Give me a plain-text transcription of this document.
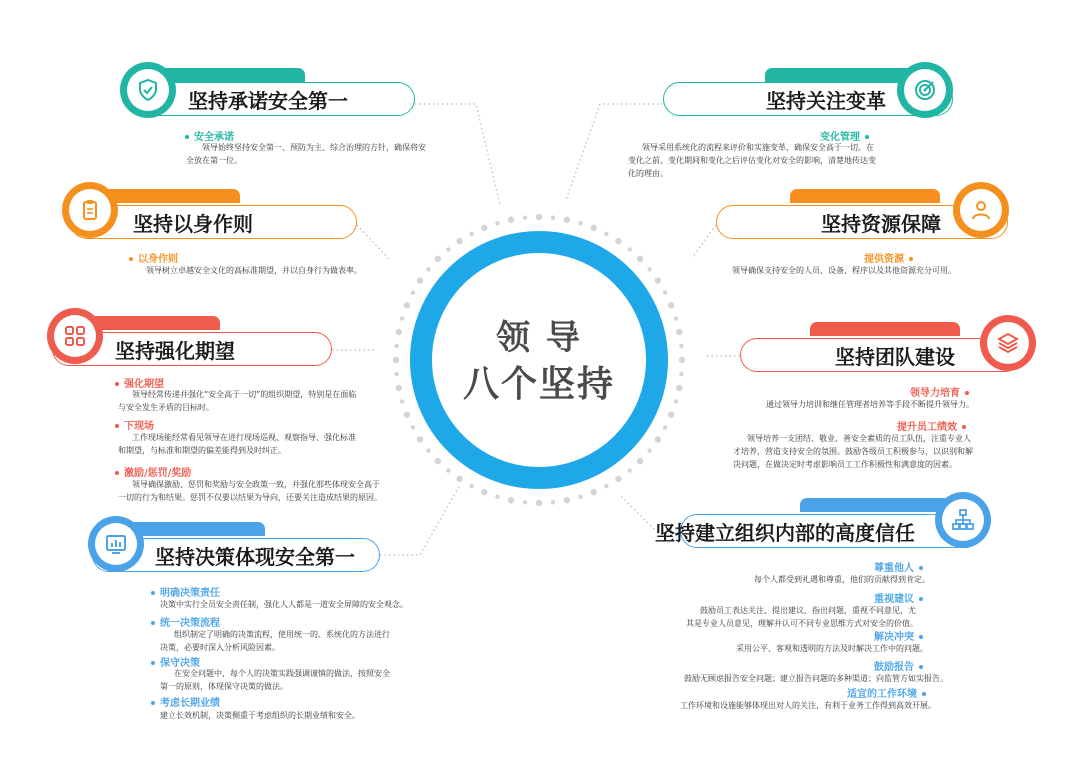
领 导
八个坚持
坚持承诺安全第一
安全承诺
领导始终坚持安全第一、预防为主、综合治理的方针，确保将安全放在第一位。
坚持以身作则
以身作则
领导树立卓越安全文化的高标准期望，并以自身行为做表率。
坚持强化期望
强化期望
领导经常传递并强化“安全高于一切”的组织期望，特别是在面临与安全发生矛盾的目标时。
下现场
工作现场能经常看见领导在进行现场巡视、观察指导、强化标准和期望，与标准和期望的偏差能得到及时纠正。
激励/惩罚/奖励
领导确保激励、惩罚和奖励与安全政策一致，并强化那些体现安全高于一切的行为和结果。惩罚不仅要以结果为导向，还要关注造成结果的原因。
坚持决策体现安全第一
明确决策责任
决策中实行全员安全责任制，强化人人都是一道安全屏障的安全观念。
统一决策流程
组织制定了明确的决策流程，使用统一的、系统化的方法进行决策，必要时深入分析风险因素。
保守决策
在安全问题中，每个人的决策实践强调谨慎的做法，按照安全第一的原则，体现保守决策的做法。
考虑长期业绩
建立长效机制，决策侧重于考虑组织的长期业绩和安全。
坚持关注变革
变化管理
领导采用系统化的流程来评价和实施变革，确保安全高于一切。在变化之前、变化期间和变化之后评估变化对安全的影响，清楚地传达变化的理由。
坚持资源保障
提供资源
领导确保支持安全的人员、设备、程序以及其他资源充分可用。
坚持团队建设
领导力培育
通过领导力培训和继任管理者培养等手段不断提升领导力。
提升员工绩效
领导培养一支团结、敬业、善安全素质的员工队伍，注重专业人才培养，营造支持安全的氛围。鼓励各级员工积极参与，以识别和解决问题，在做决定时考虑影响员工工作积极性和满意度的因素。
坚持建立组织内部的高度信任
尊重他人
每个人都受到礼遇和尊重，他们的贡献得到肯定。
重视建议
鼓励员工表达关注、提出建议、指出问题，重视不同意见，尤其是专业人员意见，理解并认可不同专业思维方式对安全的价值。
解决冲突
采用公平、客观和透明的方法及时解决工作中的问题。
鼓励报告
鼓励无顾虑报告安全问题；建立报告问题的多种渠道；向监管方如实报告。
适宜的工作环境
工作环境和设施能够体现出对人的关注，有利于业务工作得到高效开展。
